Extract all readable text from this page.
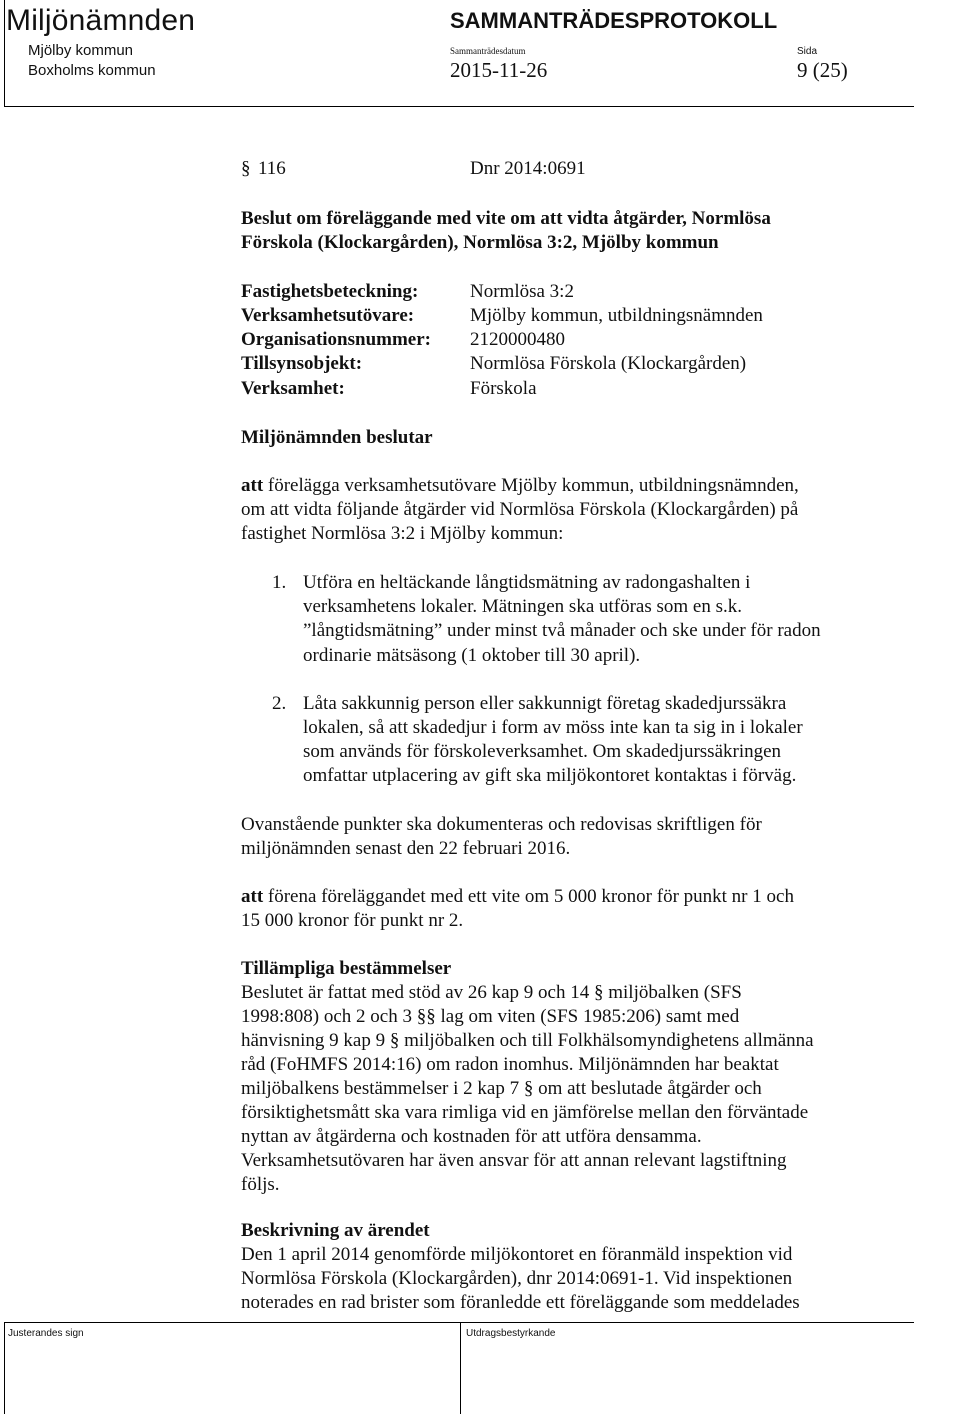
Miljönämnden	SAMMANTRÄDESPROTOKOLL
Mjölby kommun
Boxholms kommun
Sammanträdesdatum	Sida
2015-11-26	9 (25)
§ 116	Dnr 2014:0691
Beslut om föreläggande med vite om att vidta åtgärder, Normlösa
Förskola (Klockargården), Normlösa 3:2, Mjölby kommun
Fastighetsbeteckning:	Normlösa 3:2
Verksamhetsutövare:	Mjölby kommun, utbildningsnämnden
Organisationsnummer: 2120000480
Tillsynsobjekt:	Normlösa Förskola (Klockargården)
Verksamhet:	Förskola
Miljönämnden beslutar
att förelägga verksamhetsutövare Mjölby kommun, utbildningsnämnden,
om att vidta följande åtgärder vid Normlösa Förskola (Klockargården) på
fastighet Normlösa 3:2 i Mjölby kommun:
1. Utföra en heltäckande långtidsmätning av radongashalten i
verksamhetens lokaler. Mätningen ska utföras som en s.k.
”långtidsmätning” under minst två månader och ske under för radon
ordinarie mätsäsong (1 oktober till 30 april).
2. Låta sakkunnig person eller sakkunnigt företag skadedjurssäkra
lokalen, så att skadedjur i form av möss inte kan ta sig in i lokaler
som används för förskoleverksamhet. Om skadedjurssäkringen
omfattar utplacering av gift ska miljökontoret kontaktas i förväg.
Ovanstående punkter ska dokumenteras och redovisas skriftligen för
miljönämnden senast den 22 februari 2016.
att förena föreläggandet med ett vite om 5 000 kronor för punkt nr 1 och
15 000 kronor för punkt nr 2.
Tillämpliga bestämmelser
Beslutet är fattat med stöd av 26 kap 9 och 14 § miljöbalken (SFS
1998:808) och 2 och 3 §§ lag om viten (SFS 1985:206) samt med
hänvisning 9 kap 9 § miljöbalken och till Folkhälsomyndighetens allmänna
råd (FoHMFS 2014:16) om radon inomhus. Miljönämnden har beaktat
miljöbalkens bestämmelser i 2 kap 7 § om att beslutade åtgärder och
försiktighetsmått ska vara rimliga vid en jämförelse mellan den förväntade
nyttan av åtgärderna och kostnaden för att utföra densamma.
Verksamhetsutövaren har även ansvar för att annan relevant lagstiftning
följs.
Beskrivning av ärendet
Den 1 april 2014 genomförde miljökontoret en föranmäld inspektion vid
Normlösa Förskola (Klockargården), dnr 2014:0691-1. Vid inspektionen
noterades en rad brister som föranledde ett föreläggande som meddelades
Justerandes sign	Utdragsbestyrkande
